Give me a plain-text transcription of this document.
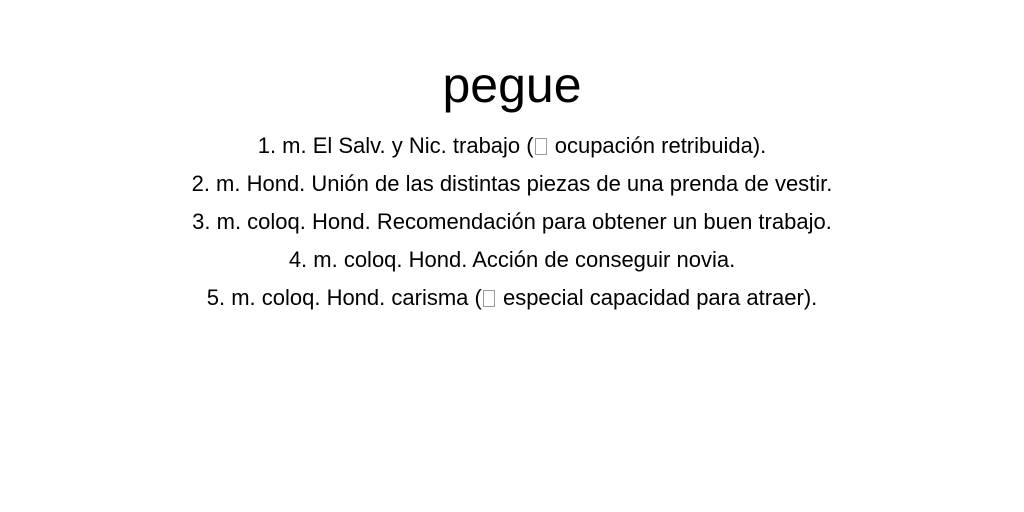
pegue
1. m. El Salv. y Nic. trabajo ( ocupación retribuida).
2. m. Hond. Unión de las distintas piezas de una prenda de vestir.
3. m. coloq. Hond. Recomendación para obtener un buen trabajo.
4. m. coloq. Hond. Acción de conseguir novia.
5. m. coloq. Hond. carisma ( especial capacidad para atraer).
